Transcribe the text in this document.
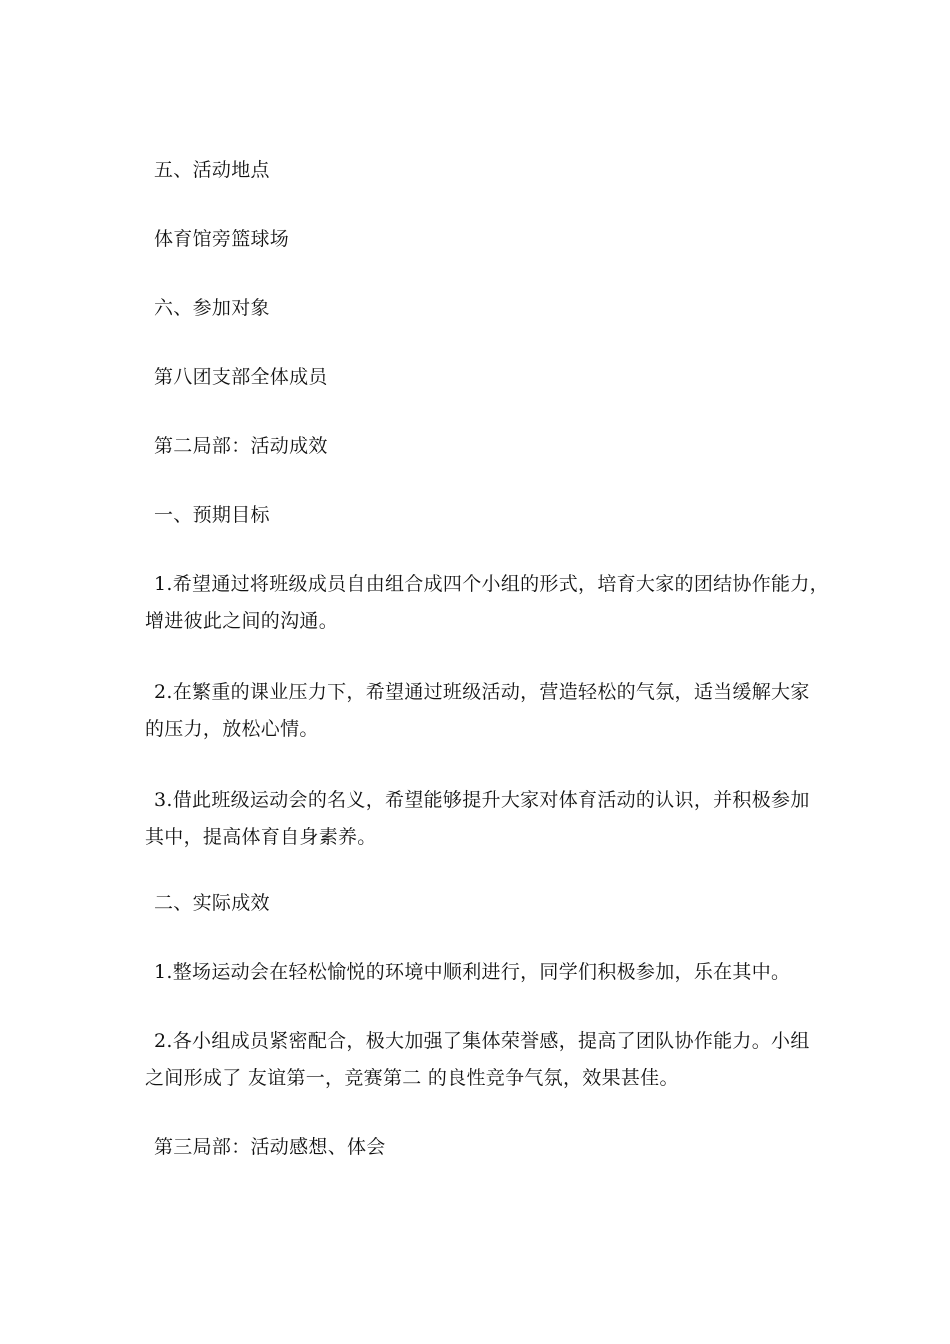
五、活动地点
体育馆旁篮球场
六、参加对象
第八团支部全体成员
第二局部：活动成效
一、预期目标
1.希望通过将班级成员自由组合成四个小组的形式，培育大家的团结协作能力，
增进彼此之间的沟通。
2.在繁重的课业压力下，希望通过班级活动，营造轻松的气氛，适当缓解大家
的压力，放松心情。
3.借此班级运动会的名义，希望能够提升大家对体育活动的认识，并积极参加
其中，提高体育自身素养。
二、实际成效
1.整场运动会在轻松愉悦的环境中顺利进行，同学们积极参加，乐在其中。
2.各小组成员紧密配合，极大加强了集体荣誉感，提高了团队协作能力。小组
之间形成了 友谊第一，竞赛第二 的良性竞争气氛，效果甚佳。
第三局部：活动感想、体会
